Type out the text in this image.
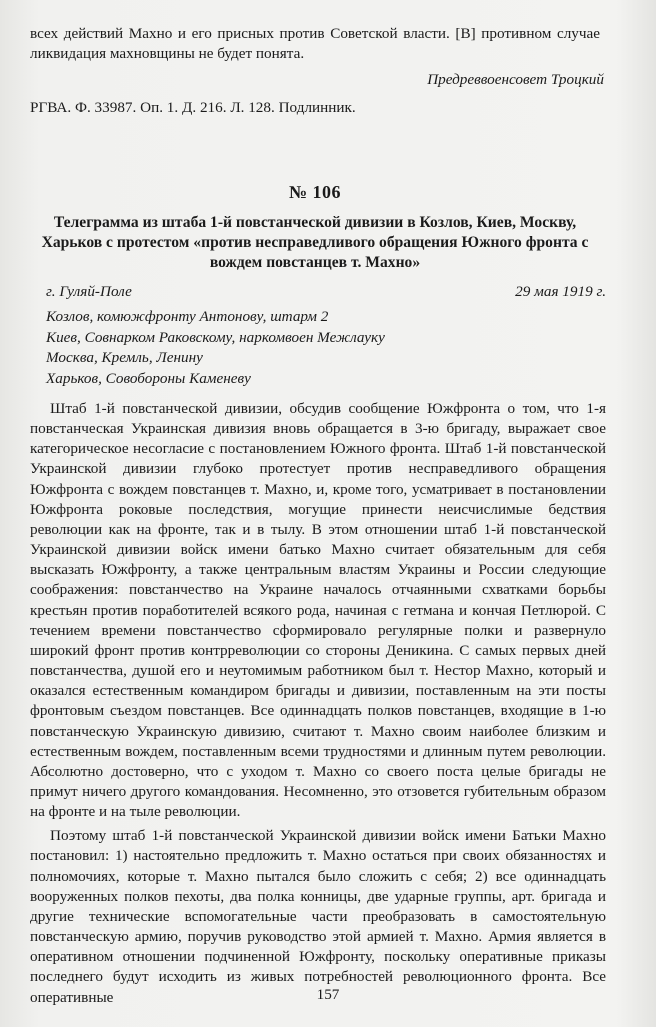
всех действий Махно и его присных против Советской власти. [В] противном случае ликвидация махновщины не будет понята.

Предреввоенсовет Троцкий

РГВА. Ф. 33987. Оп. 1. Д. 216. Л. 128. Подлинник.

№ 106
Телеграмма из штаба 1-й повстанческой дивизии в Козлов, Киев, Москву, Харьков с протестом «против несправедливого обращения Южного фронта с вождем повстанцев т. Махно»
г. Гуляй-Поле	29 мая 1919 г.
Козлов, комюжфронту Антонову, штарм 2
Киев, Совнарком Раковскому, наркомвоен Межлауку
Москва, Кремль, Ленину
Харьков, Совобороны Каменеву

Штаб 1-й повстанческой дивизии, обсудив сообщение Южфронта о том, что 1-я повстанческая Украинская дивизия вновь обращается в 3-ю бригаду, выражает свое категорическое несогласие с постановлением Южного фронта. Штаб 1-й повстанческой Украинской дивизии глубоко протестует против несправедливого обращения Южфронта с вождем повстанцев т. Махно, и, кроме того, усматривает в постановлении Южфронта роковые последствия, могущие принести неисчислимые бедствия революции как на фронте, так и в тылу. В этом отношении штаб 1-й повстанческой Украинской дивизии войск имени батько Махно считает обязательным для себя высказать Южфронту, а также центральным властям Украины и России следующие соображения: повстанчество на Украине началось отчаянными схватками борьбы крестьян против поработителей всякого рода, начиная с гетмана и кончая Петлюрой. С течением времени повстанчество сформировало регулярные полки и развернуло широкий фронт против контрреволюции со стороны Деникина. С самых первых дней повстанчества, душой его и неутомимым работником был т. Нестор Махно, который и оказался естественным командиром бригады и дивизии, поставленным на эти посты фронтовым съездом повстанцев. Все одиннадцать полков повстанцев, входящие в 1-ю повстанческую Украинскую дивизию, считают т. Махно своим наиболее близким и естественным вождем, поставленным всеми трудностями и длинным путем революции. Абсолютно достоверно, что с уходом т. Махно со своего поста целые бригады не примут ничего другого командования. Несомненно, это отзовется губительным образом на фронте и на тыле революции.

Поэтому штаб 1-й повстанческой Украинской дивизии войск имени Батьки Махно постановил: 1) настоятельно предложить т. Махно остаться при своих обязанностях и полномочиях, которые т. Махно пытался было сложить с себя; 2) все одиннадцать вооруженных полков пехоты, два полка конницы, две ударные группы, арт. бригада и другие технические вспомогательные части преобразовать в самостоятельную повстанческую армию, поручив руководство этой армией т. Махно. Армия является в оперативном отношении подчиненной Южфронту, поскольку оперативные приказы последнего будут исходить из живых потребностей революционного фронта. Все оперативные	157
